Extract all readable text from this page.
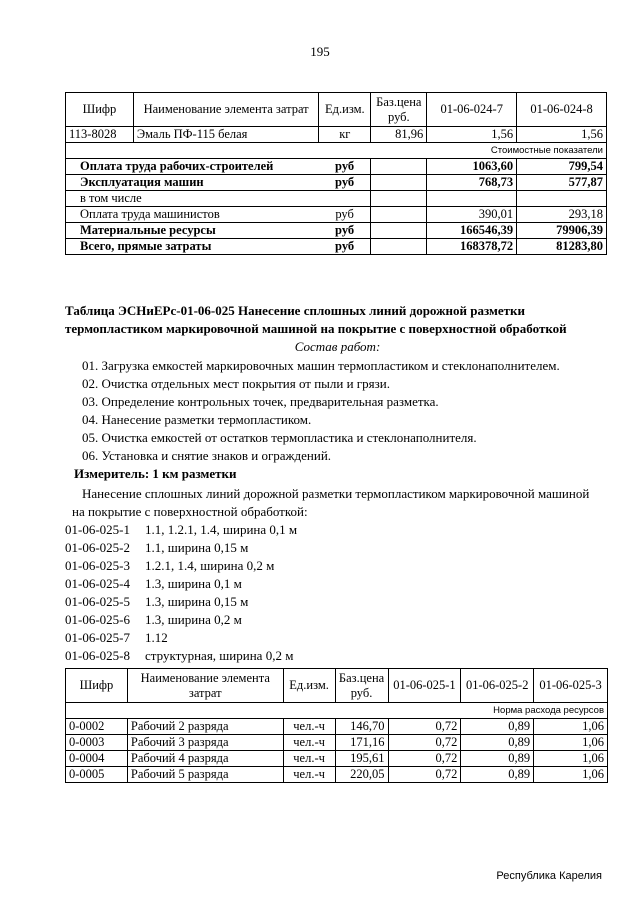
195
Шифр	Наименование элемента затрат	Ед.изм.	Баз.цена руб.	01-06-024-7	01-06-024-8
113-8028	Эмаль ПФ-115 белая	кг	81,96	1,56	1,56
Стоимостные показатели					
Оплата труда рабочих-строителей		руб		1063,60	799,54
Эксплуатация машин		руб		768,73	577,87
в том числе					
Оплата труда машинистов		руб		390,01	293,18
Материальные ресурсы		руб		166546,39	79906,39
Всего, прямые затраты		руб		168378,72	81283,80
Таблица ЭСНиЕРс-01-06-025 Нанесение сплошных линий дорожной разметки
термопластиком маркировочной машиной на покрытие с поверхностной обработкой
Состав работ:
01. Загрузка емкостей маркировочных машин термопластиком и стеклонаполнителем.
02. Очистка отдельных мест покрытия от пыли и грязи.
03. Определение контрольных точек, предварительная разметка.
04. Нанесение разметки термопластиком.
05. Очистка емкостей от остатков термопластика и стеклонаполнителя.
06. Установка и снятие знаков и ограждений.
Измеритель: 1 км разметки
Нанесение сплошных линий дорожной разметки термопластиком маркировочной машиной на покрытие с поверхностной обработкой:
01-06-025-1 1.1, 1.2.1, 1.4, ширина 0,1 м
01-06-025-2 1.1, ширина 0,15 м
01-06-025-3 1.2.1, 1.4, ширина 0,2 м
01-06-025-4 1.3, ширина 0,1 м
01-06-025-5 1.3, ширина 0,15 м
01-06-025-6 1.3, ширина 0,2 м
01-06-025-7 1.12
01-06-025-8 структурная, ширина 0,2 м
Шифр	Наименование элемента затрат	Ед.изм.	Баз.цена руб.	01-06-025-1	01-06-025-2	01-06-025-3
Норма расхода ресурсов						
0-0002	Рабочий 2 разряда	чел.-ч	146,70	0,72	0,89	1,06
0-0003	Рабочий 3 разряда	чел.-ч	171,16	0,72	0,89	1,06
0-0004	Рабочий 4 разряда	чел.-ч	195,61	0,72	0,89	1,06
0-0005	Рабочий 5 разряда	чел.-ч	220,05	0,72	0,89	1,06
Республика Карелия
